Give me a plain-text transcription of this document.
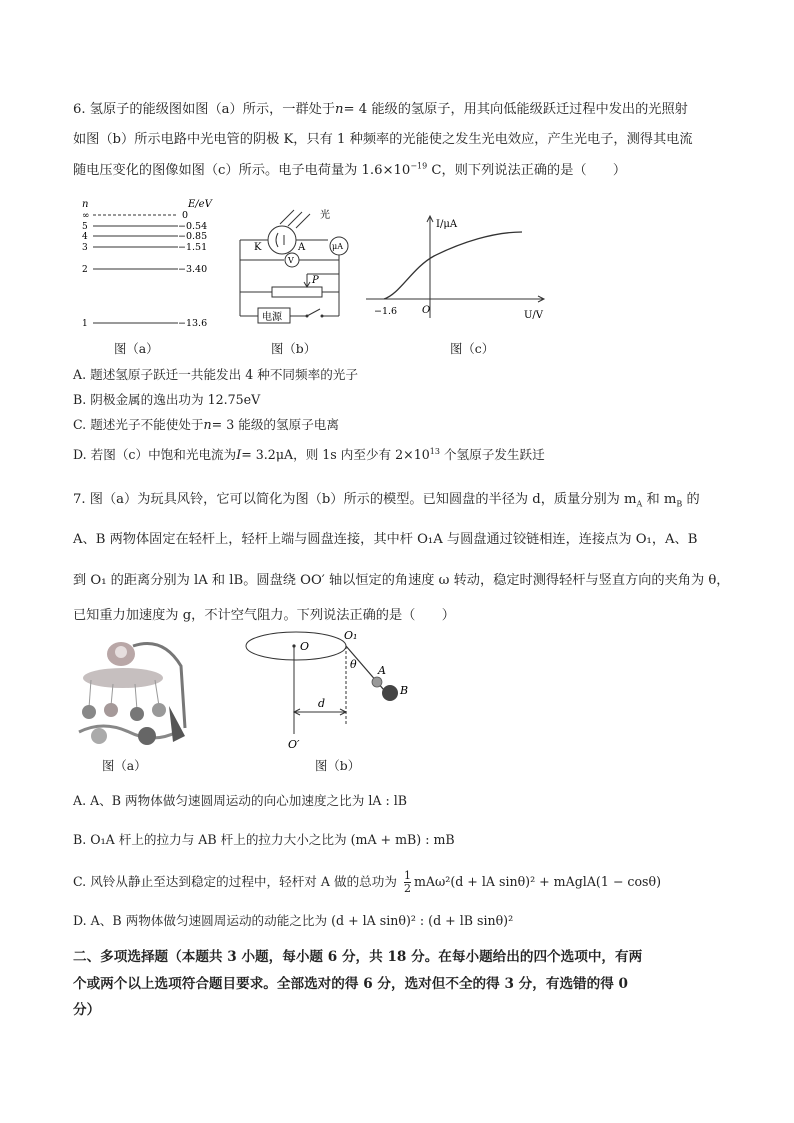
6. 氢原子的能级图如图（a）所示，一群处于n= 4 能级的氢原子，用其向低能级跃迁过程中发出的光照射
如图（b）所示电路中光电管的阴极 K，只有 1 种频率的光能使之发生光电效应，产生光电子，测得其电流
随电压变化的图像如图（c）所示。电子电荷量为 $1.6\times 10^{-19}$ C，则下列说法正确的是（　　）
n	E/eV
∞	0
5	−0.54
4	−0.85
3	−1.51
2	−3.40
1	−13.6
图（a）
光
K	A	μA
V
P
电源
图（b）
I/μA
U/V
O
−1.6
图（c）
A. 题述氢原子跃迁一共能发出 4 种不同频率的光子
B. 阴极金属的逸出功为 12.75eV
C. 题述光子不能使处于n= 3 能级的氢原子电离
D. 若图（c）中饱和光电流为I= 3.2μA，则 1s 内至少有 $2\times 10^{13}$ 个氢原子发生跃迁
7. 图（a）为玩具风铃，它可以简化为图（b）所示的模型。已知圆盘的半径为 d，质量分别为 $m_A$ 和 $m_B$ 的
A、B 两物体固定在轻杆上，轻杆上端与圆盘连接，其中杆 O₁A 与圆盘通过铰链相连，连接点为 O₁，A、B
到 O₁ 的距离分别为 lA 和 lB。圆盘绕 OO′ 轴以恒定的角速度 ω 转动，稳定时测得轻杆与竖直方向的夹角为 θ，
已知重力加速度为 g，不计空气阻力。下列说法正确的是（　　）
图（a）
O
O₁
θ A
B
d
O′
图（b）
A. A、B 两物体做匀速圆周运动的向心加速度之比为 lA : lB
B. O₁A 杆上的拉力与 AB 杆上的拉力大小之比为 (mA + mB) : mB
C. 风铃从静止至达到稳定的过程中，轻杆对 A 做的总功为 $\frac{1}{2} mA\omega^2(d$ + lA sinθ)² + mAglA(1 − cosθ)
D. A、B 两物体做匀速圆周运动的动能之比为 (d + lA sinθ)² : (d + lB sinθ)²
二、多项选择题（本题共 3 小题，每小题 6 分，共 18 分。在每小题给出的四个选项中，有两
个或两个以上选项符合题目要求。全部选对的得 6 分，选对但不全的得 3 分，有选错的得 0
分）
